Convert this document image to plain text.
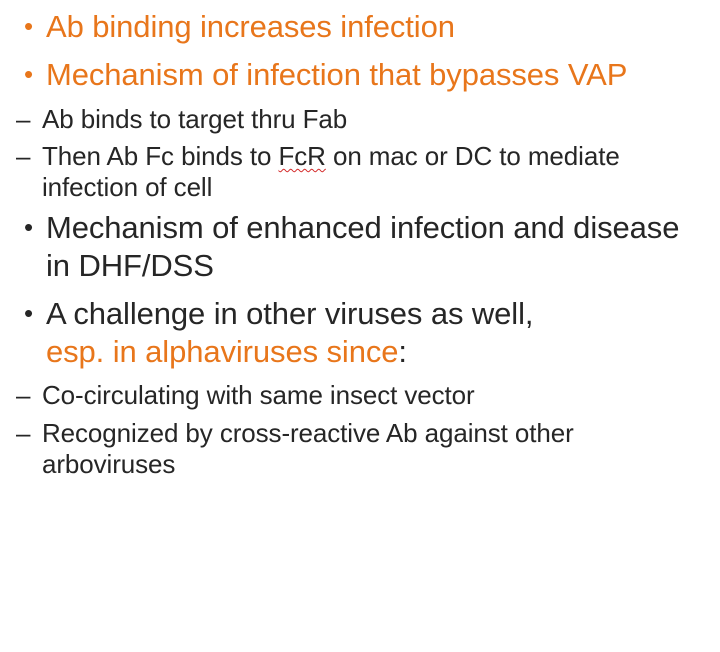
• Ab binding increases infection
• Mechanism of infection that bypasses VAP
– Ab binds to target thru Fab
– Then Ab Fc binds to FcR on mac or DC to mediate infection of cell
• Mechanism of enhanced infection and disease in DHF/DSS
• A challenge in other viruses as well,
esp. in alphaviruses since:
– Co-circulating with same insect vector
– Recognized by cross-reactive Ab against other arboviruses
